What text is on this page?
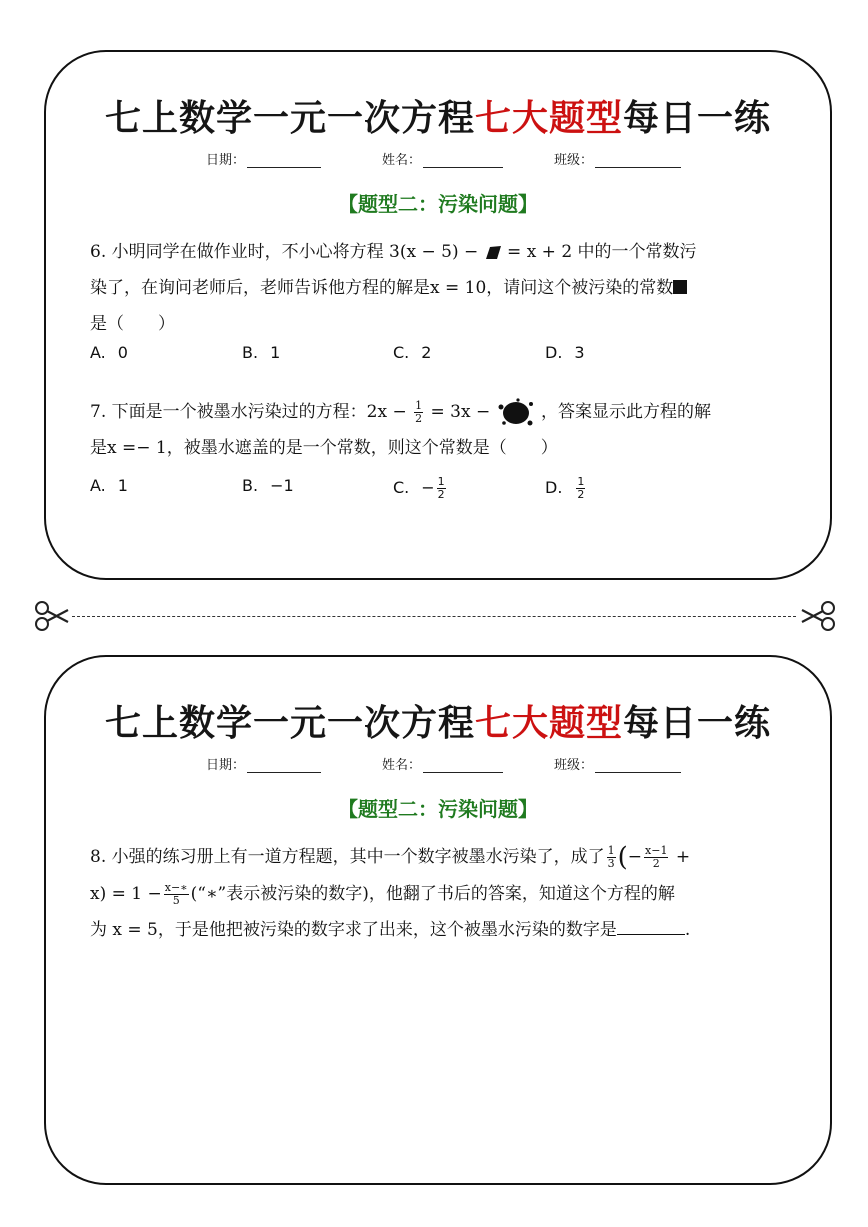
七上数学一元一次方程七大题型每日一练
日期：	姓名：	班级：
【题型二：污染问题】
6. 小明同学在做作业时，不小心将方程 3(x − 5) − = x + 2 中的一个常数污
染了，在询问老师后，老师告诉他方程的解是x = 10，请问这个被污染的常数
是（　　）
A. 0	B. 1	C. 2	D. 3
7. 下面是一个被墨水污染过的方程：$2x - \frac{1}{2} = 3x$ −	，答案显示此方程的解
是x =− 1，被墨水遮盖的是一个常数，则这个常数是（　　）
A. 1	B. −1	C. − $\frac{1}{2}$	D. $\frac{1}{2}$
七上数学一元一次方程七大题型每日一练
日期：	姓名：	班级：
【题型二：污染问题】
8. 小强的练习册上有一道方程题，其中一个数字被墨水污染了，成了 $\frac{1}{3}$ (− $\frac{x-1}{2}$ +
$x) = 1 - \frac{x-∗}{5}$ (“∗”表示被污染的数字)，他翻了书后的答案，知道这个方程的解
为 x = 5，于是他把被污染的数字求了出来，这个被墨水污染的数字是	.
